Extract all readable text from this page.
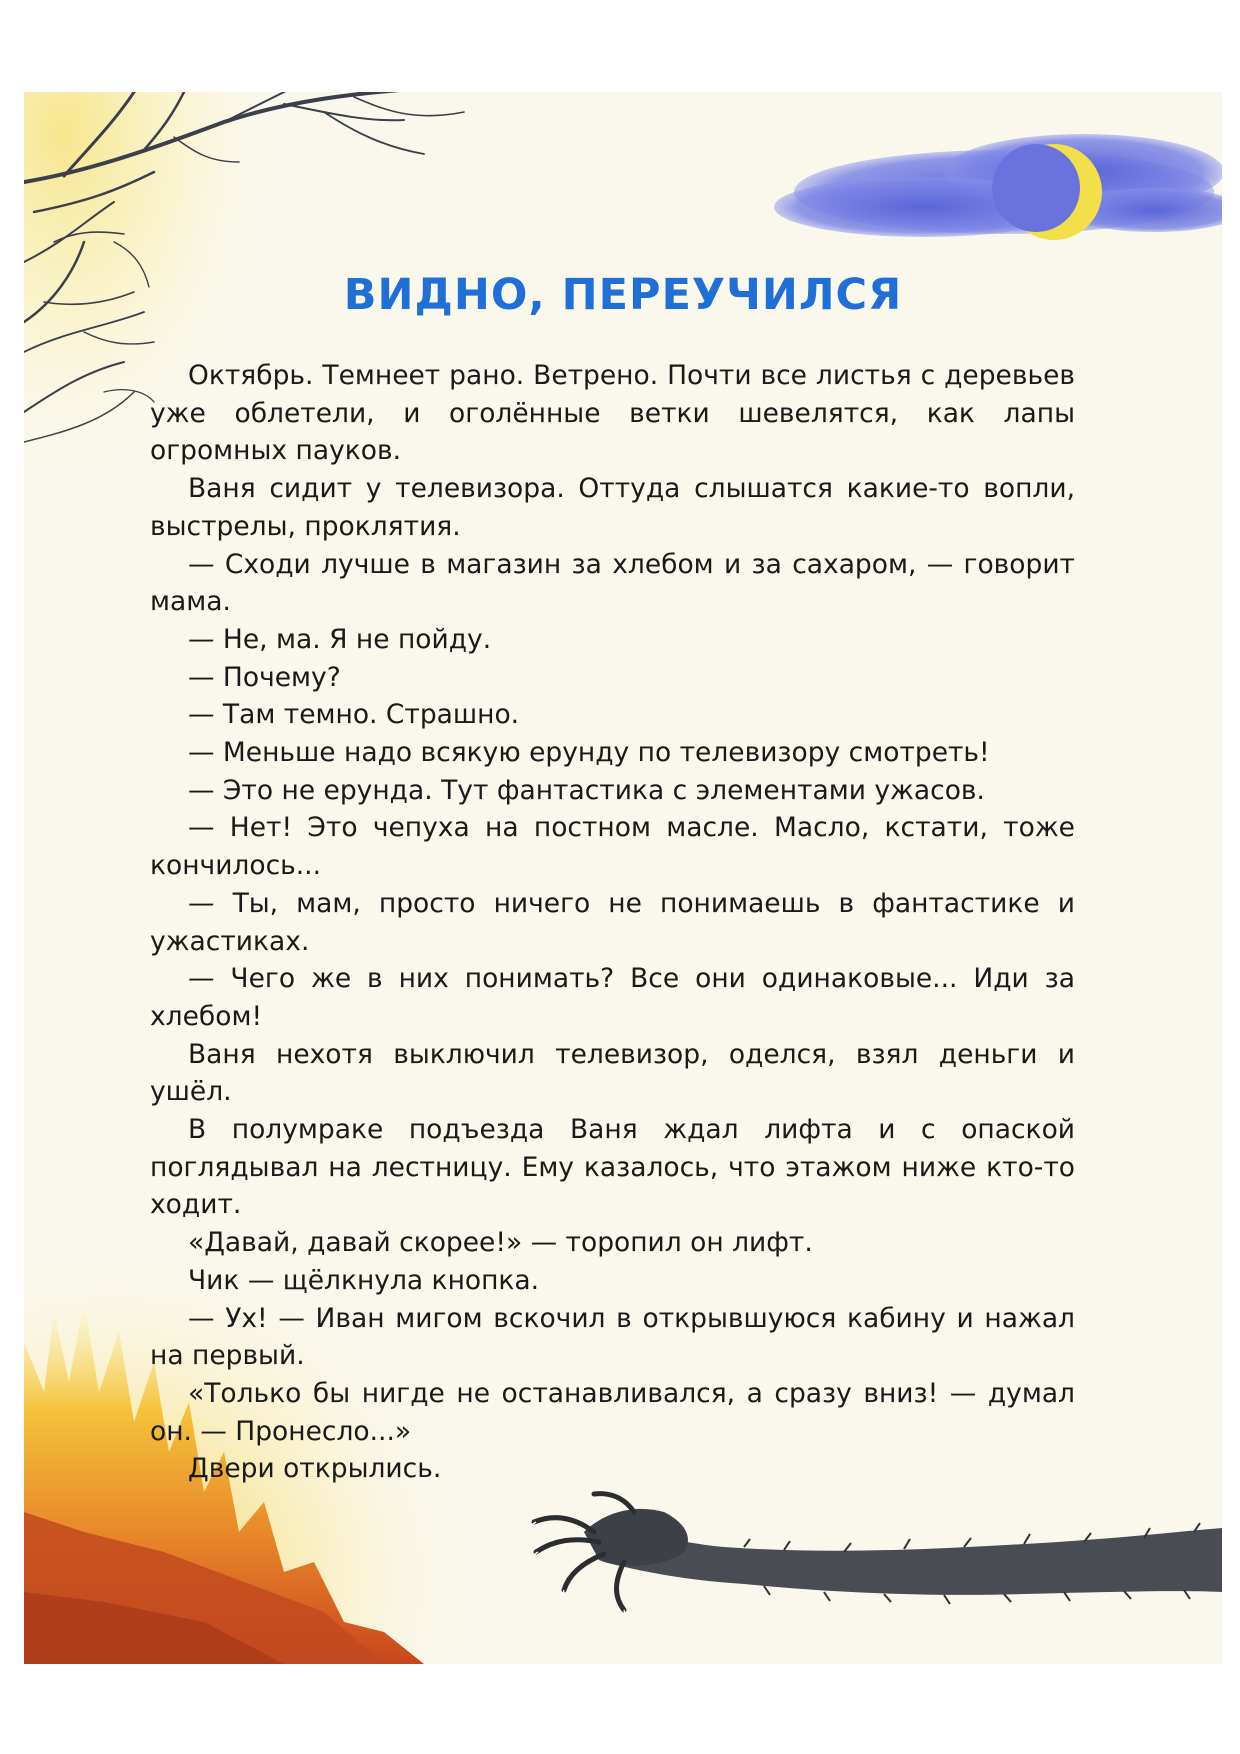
ВИДНО, ПЕРЕУЧИЛСЯ

Октябрь. Темнеет рано. Ветрено. Почти все листья с деревьев уже облетели, и оголённые ветки шевелятся, как лапы огромных пауков.

Ваня сидит у телевизора. Оттуда слышатся какие-то вопли, выстрелы, проклятия.

— Сходи лучше в магазин за хлебом и за сахаром, — говорит мама.

— Не, ма. Я не пойду.

— Почему?

— Там темно. Страшно.

— Меньше надо всякую ерунду по телевизору смотреть!

— Это не ерунда. Тут фантастика с элементами ужасов.

— Нет! Это чепуха на постном масле. Масло, кстати, тоже кончилось...

— Ты, мам, просто ничего не понимаешь в фантастике и ужастиках.

— Чего же в них понимать? Все они одинаковые... Иди за хлебом!

Ваня нехотя выключил телевизор, оделся, взял деньги и ушёл.

В полумраке подъезда Ваня ждал лифта и с опаской поглядывал на лестницу. Ему казалось, что этажом ниже кто-то ходит.

«Давай, давай скорее!» — торопил он лифт.

Чик — щёлкнула кнопка.

— Ух! — Иван мигом вскочил в открывшуюся кабину и нажал на первый.

«Только бы нигде не останавливался, а сразу вниз! — думал он. — Пронесло...»

Двери открылись.
